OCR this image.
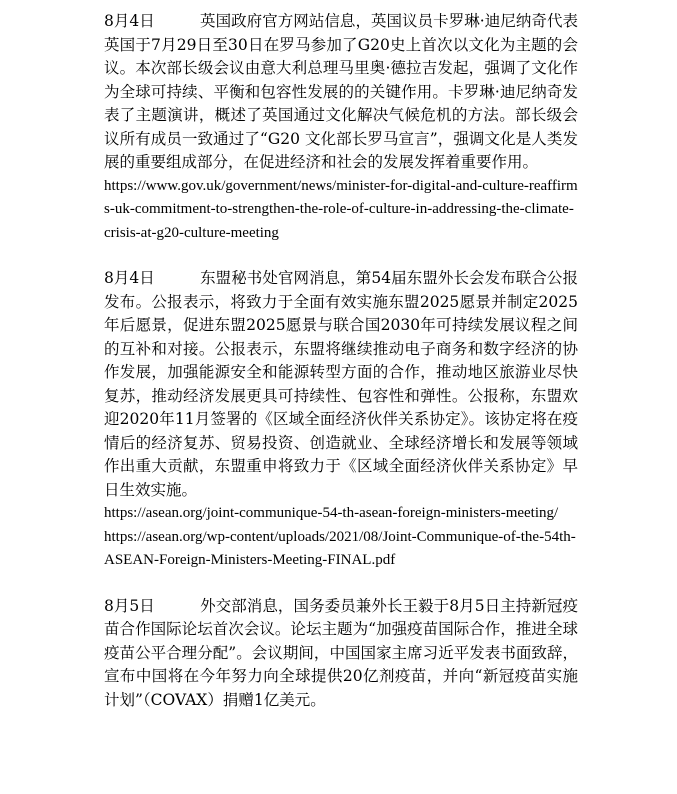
8月4日	英国政府官方网站信息，英国议员卡罗琳·迪尼纳奇代表英国于7月29日至30日在罗马参加了G20史上首次以文化为主题的会议。本次部长级会议由意大利总理马里奥·德拉吉发起，强调了文化作为全球可持续、平衡和包容性发展的的关键作用。卡罗琳·迪尼纳奇发表了主题演讲，概述了英国通过文化解决气候危机的方法。部长级会议所有成员一致通过了“G20 文化部长罗马宣言”，强调文化是人类发展的重要组成部分，在促进经济和社会的发展发挥着重要作用。

https://www.gov.uk/government/news/minister-for-digital-and-culture-reaffirms-uk-commitment-to-strengthen-the-role-of-culture-in-addressing-the-climate-crisis-at-g20-culture-meeting

8月4日	东盟秘书处官网消息，第54届东盟外长会发布联合公报发布。公报表示，将致力于全面有效实施东盟2025愿景并制定2025年后愿景，促进东盟2025愿景与联合国2030年可持续发展议程之间的互补和对接。公报表示，东盟将继续推动电子商务和数字经济的协作发展，加强能源安全和能源转型方面的合作，推动地区旅游业尽快复苏，推动经济发展更具可持续性、包容性和弹性。公报称，东盟欢迎2020年11月签署的《区域全面经济伙伴关系协定》。该协定将在疫情后的经济复苏、贸易投资、创造就业、全球经济增长和发展等领域作出重大贡献，东盟重申将致力于《区域全面经济伙伴关系协定》早日生效实施。

https://asean.org/joint-communique-54-th-asean-foreign-ministers-meeting/

https://asean.org/wp-content/uploads/2021/08/Joint-Communique-of-the-54th-ASEAN-Foreign-Ministers-Meeting-FINAL.pdf

8月5日	外交部消息，国务委员兼外长王毅于8月5日主持新冠疫苗合作国际论坛首次会议。论坛主题为“加强疫苗国际合作，推进全球疫苗公平合理分配”。会议期间，中国国家主席习近平发表书面致辞，宣布中国将在今年努力向全球提供20亿剂疫苗，并向“新冠疫苗实施计划”（COVAX）捐赠1亿美元。
